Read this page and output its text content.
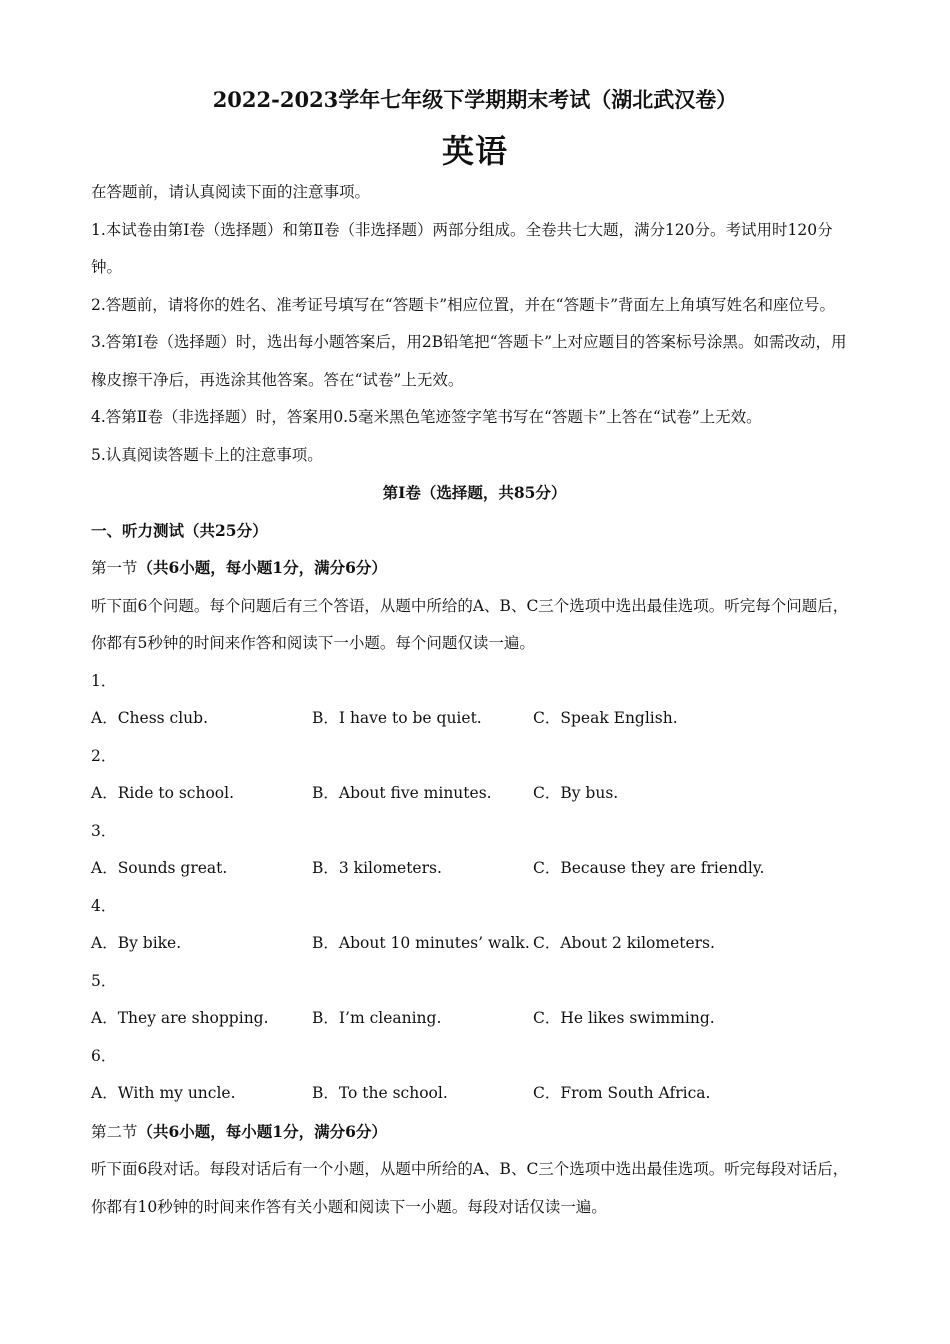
2022-2023学年七年级下学期期末考试（湖北武汉卷）
英语

在答题前，请认真阅读下面的注意事项。

1.本试卷由第Ⅰ卷（选择题）和第Ⅱ卷（非选择题）两部分组成。全卷共七大题，满分120分。考试用时120分钟。

2.答题前，请将你的姓名、准考证号填写在“答题卡”相应位置，并在“答题卡”背面左上角填写姓名和座位号。

3.答第Ⅰ卷（选择题）时，选出每小题答案后，用2B铅笔把“答题卡”上对应题目的答案标号涂黑。如需改动，用橡皮擦干净后，再选涂其他答案。答在“试卷”上无效。

4.答第Ⅱ卷（非选择题）时，答案用0.5毫米黑色笔迹签字笔书写在“答题卡”上答在“试卷”上无效。

5.认真阅读答题卡上的注意事项。

第Ⅰ卷（选择题，共85分）

一、听力测试（共25分）

第一节（共6小题，每小题1分，满分6分）

听下面6个问题。每个问题后有三个答语，从题中所给的A、B、C三个选项中选出最佳选项。听完每个问题后，你都有5秒钟的时间来作答和阅读下一小题。每个问题仅读一遍。

1．

A．Chess club.	B．I have to be quiet.	C．Speak English.

2．

A．Ride to school.	B．About five minutes.	C．By bus.

3．

A．Sounds great.	B．3 kilometers.	C．Because they are friendly.

4．

A．By bike.	B．About 10 minutes’ walk. C．About 2 kilometers.

5．

A．They are shopping.	B．I’m cleaning.	C．He likes swimming.

6．

A．With my uncle.	B．To the school.	C．From South Africa.

第二节（共6小题，每小题1分，满分6分）

听下面6段对话。每段对话后有一个小题，从题中所给的A、B、C三个选项中选出最佳选项。听完每段对话后，你都有10秒钟的时间来作答有关小题和阅读下一小题。每段对话仅读一遍。
